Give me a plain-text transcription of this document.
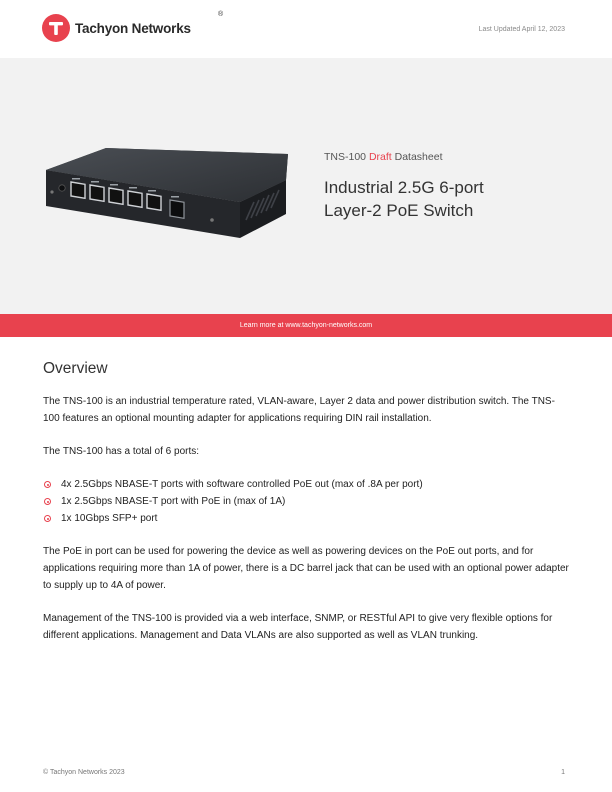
Tachyon Networks
®
Last Updated April 12, 2023
TNS-100 Draft Datasheet
Industrial 2.5G 6-port
Layer-2 PoE Switch
Learn more at www.tachyon-networks.com
Overview

The TNS-100 is an industrial temperature rated, VLAN-aware, Layer 2 data and power distribution switch. The TNS-100 features an optional mounting adapter for applications requiring DIN rail installation.

The TNS-100 has a total of 6 ports:

4x 2.5Gbps NBASE-T ports with software controlled PoE out (max of .8A per port)
1x 2.5Gbps NBASE-T port with PoE in (max of 1A)
1x 10Gbps SFP+ port

The PoE in port can be used for powering the device as well as powering devices on the PoE out ports, and for applications requiring more than 1A of power, there is a DC barrel jack that can be used with an optional power adapter to supply up to 4A of power.

Management of the TNS-100 is provided via a web interface, SNMP, or RESTful API to give very flexible options for different applications. Management and Data VLANs are also supported as well as VLAN trunking.

© Tachyon Networks 2023	1
